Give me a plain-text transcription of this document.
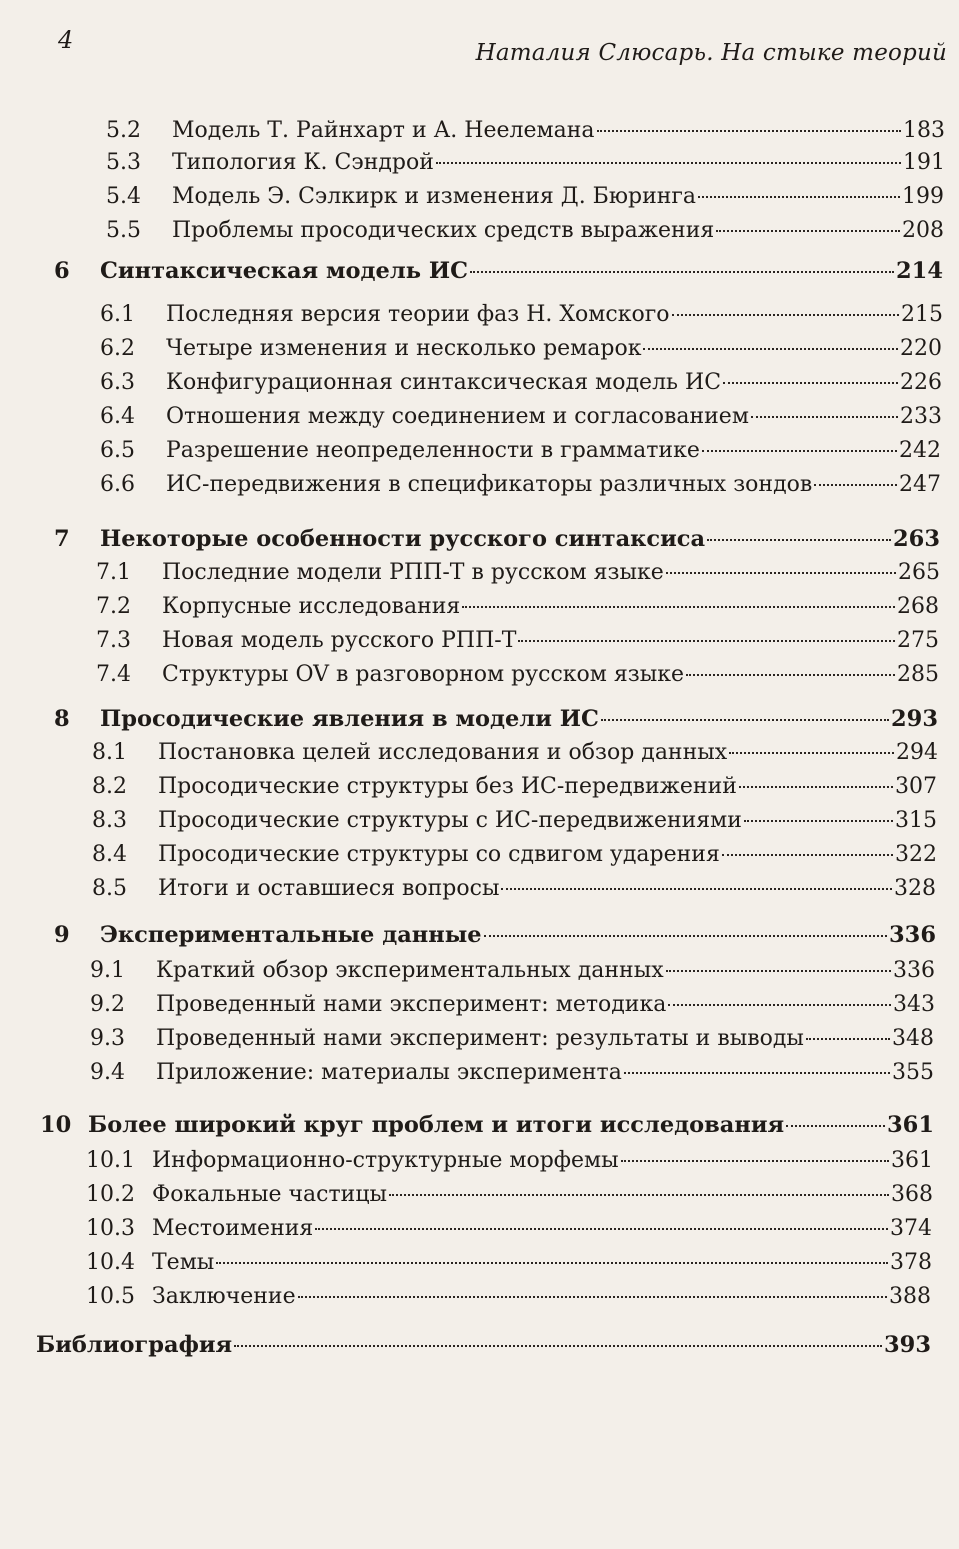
4	Наталия Слюсарь. На стыке теорий
5.2	Модель Т. Райнхарт и А. Неелемана	183
5.3	Типология К. Сэндрой	191
5.4	Модель Э. Сэлкирк и изменения Д. Бюринга	199
5.5	Проблемы просодических средств выражения	208
6	Синтаксическая модель ИС	214
6.1	Последняя версия теории фаз Н. Хомского	215
6.2	Четыре изменения и несколько ремарок	220
6.3	Конфигурационная синтаксическая модель ИС	226
6.4	Отношения между соединением и согласованием	233
6.5	Разрешение неопределенности в грамматике	242
6.6	ИС-передвижения в спецификаторы различных зондов	247
7	Некоторые особенности русского синтаксиса	263
7.1	Последние модели РПП-Т в русском языке	265
7.2	Корпусные исследования	268
7.3	Новая модель русского РПП-Т	275
7.4	Структуры OV в разговорном русском языке	285
8	Просодические явления в модели ИС	293
8.1	Постановка целей исследования и обзор данных	294
8.2	Просодические структуры без ИС-передвижений	307
8.3	Просодические структуры с ИС-передвижениями	315
8.4	Просодические структуры со сдвигом ударения	322
8.5	Итоги и оставшиеся вопросы	328
9	Экспериментальные данные	336
9.1	Краткий обзор экспериментальных данных	336
9.2	Проведенный нами эксперимент: методика	343
9.3	Проведенный нами эксперимент: результаты и выводы	348
9.4	Приложение: материалы эксперимента	355
10 Более широкий круг проблем и итоги исследования	361
10.1 Информационно-структурные морфемы	361
10.2 Фокальные частицы	368
10.3 Местоимения	374
10.4 Темы	378
10.5 Заключение	388
Библиография	393
